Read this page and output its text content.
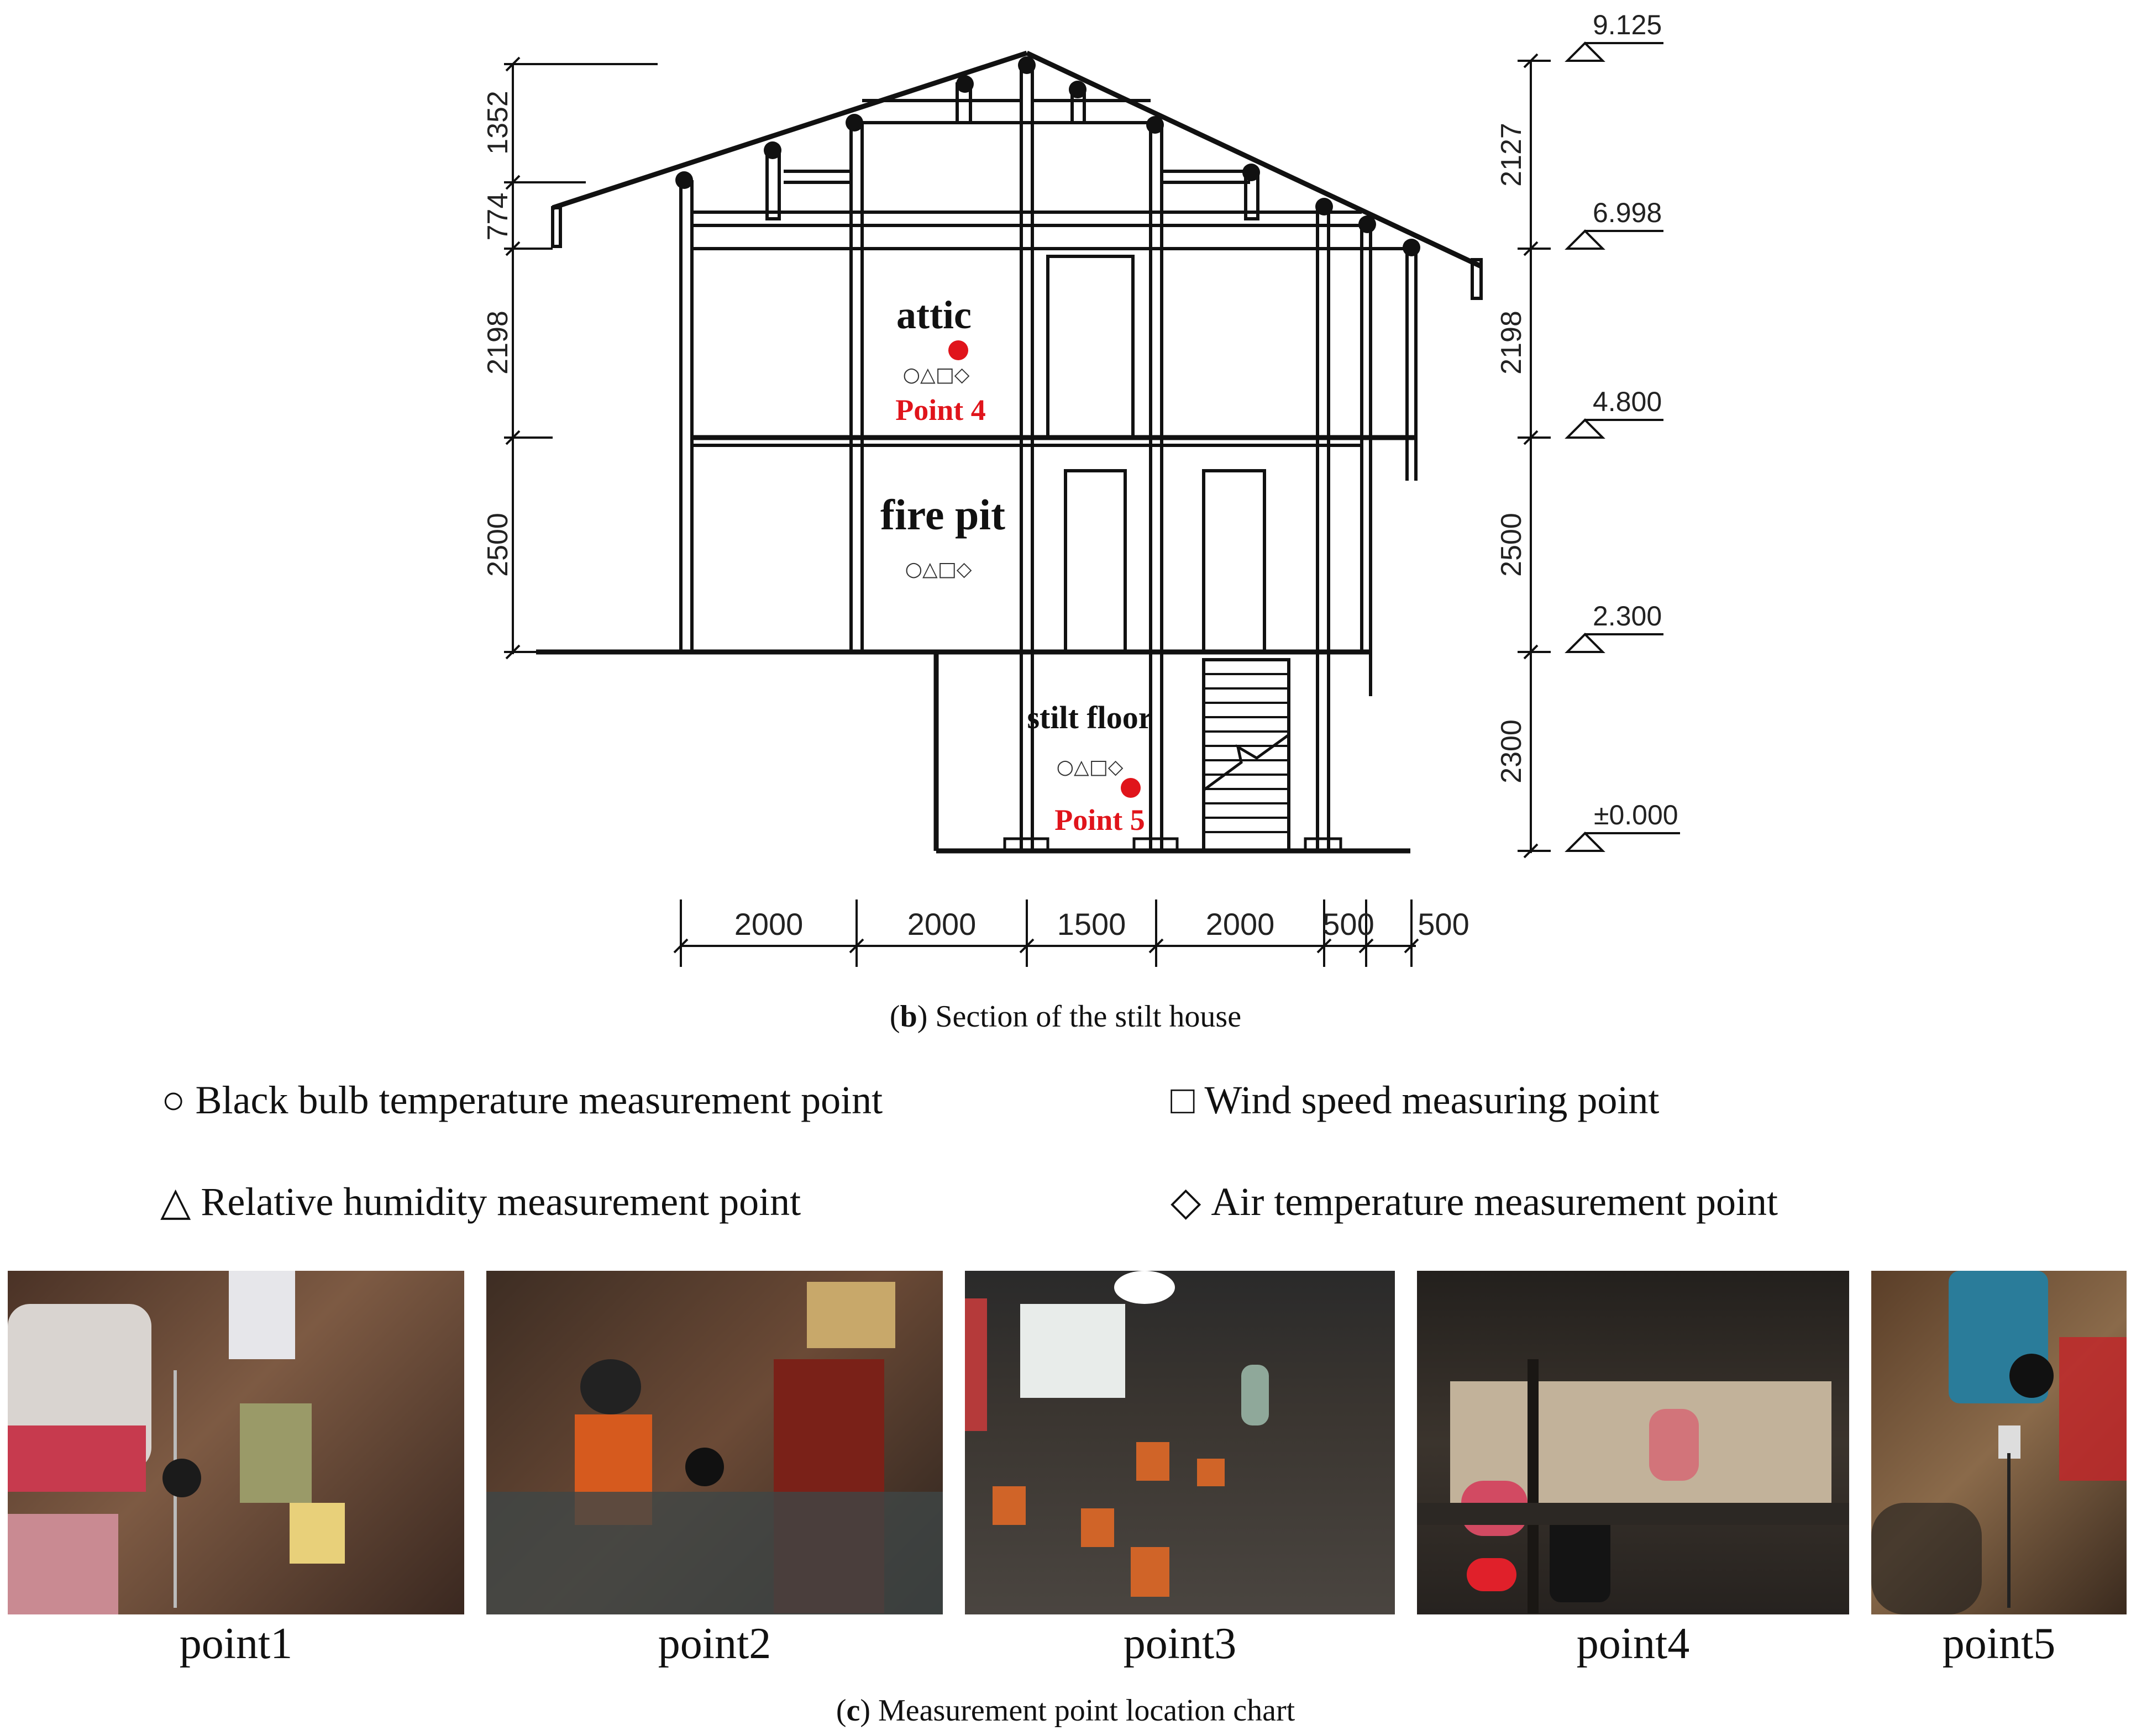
attic
○△□◇
Point 4
fire pit
○△□◇
stilt floor
○△□◇
Point 5
1352
774
2198
2500
2127
2198
2500
2300
9.125
6.998
4.800
2.300
±0.000
2000	2000	1500	2000 500 500
(b) Section of the stilt house
○ Black bulb temperature measurement point	□ Wind speed measuring point
△ Relative humidity measurement point	◇ Air temperature measurement point
point1	point2	point3	point4	point5
(c) Measurement point location chart
